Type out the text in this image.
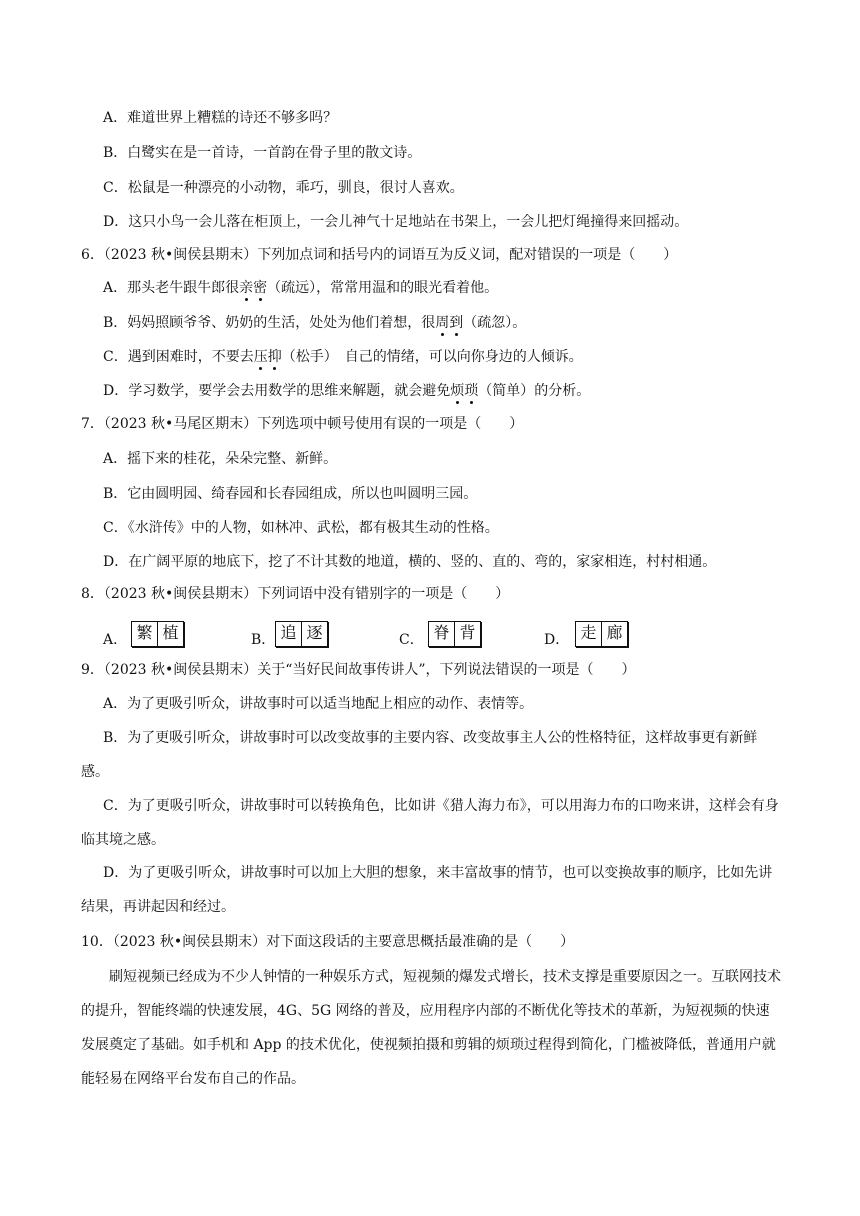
A．难道世界上糟糕的诗还不够多吗？
B．白鹭实在是一首诗，一首韵在骨子里的散文诗。
C．松鼠是一种漂亮的小动物，乖巧，驯良，很讨人喜欢。
D．这只小鸟一会儿落在柜顶上，一会儿神气十足地站在书架上，一会儿把灯绳撞得来回摇动。
6．（2023 秋•闽侯县期末）下列加点词和括号内的词语互为反义词，配对错误的一项是（　　）
A．那头老牛跟牛郎很亲密（疏远），常常用温和的眼光看着他。
B．妈妈照顾爷爷、奶奶的生活，处处为他们着想，很周到（疏忽）。
C．遇到困难时，不要去压抑（松手）　自己的情绪，可以向你身边的人倾诉。
D．学习数学，要学会去用数学的思维来解题，就会避免烦琐（简单）的分析。
7．（2023 秋•马尾区期末）下列选项中顿号使用有误的一项是（　　）
A．摇下来的桂花，朵朵完整、新鲜。
B．它由圆明园、绮春园和长春园组成，所以也叫圆明三园。
C．《水浒传》中的人物，如林冲、武松，都有极其生动的性格。
D．在广阔平原的地底下，挖了不计其数的地道，横的、竖的、直的、弯的，家家相连，村村相通。
8．（2023 秋•闽侯县期末）下列词语中没有错别字的一项是（　　）
A． 繁 植	B． 追 逐	C． 脊 背	D． 走 廊
9．（2023 秋•闽侯县期末）关于“当好民间故事传讲人”，下列说法错误的一项是（　　）
A．为了更吸引听众，讲故事时可以适当地配上相应的动作、表情等。
B．为了更吸引听众，讲故事时可以改变故事的主要内容、改变故事主人公的性格特征，这样故事更有新鲜感。
C．为了更吸引听众，讲故事时可以转换角色，比如讲《猎人海力布》，可以用海力布的口吻来讲，这样会有身临其境之感。
D．为了更吸引听众，讲故事时可以加上大胆的想象，来丰富故事的情节，也可以变换故事的顺序，比如先讲结果，再讲起因和经过。
10．（2023 秋•闽侯县期末）对下面这段话的主要意思概括最准确的是（　　）
刷短视频已经成为不少人钟情的一种娱乐方式，短视频的爆发式增长，技术支撑是重要原因之一。互联网技术的提升，智能终端的快速发展，4G、5G 网络的普及，应用程序内部的不断优化等技术的革新，为短视频的快速发展奠定了基础。如手机和 App 的技术优化，使视频拍摄和剪辑的烦琐过程得到简化，门槛被降低，普通用户就能轻易在网络平台发布自己的作品。
